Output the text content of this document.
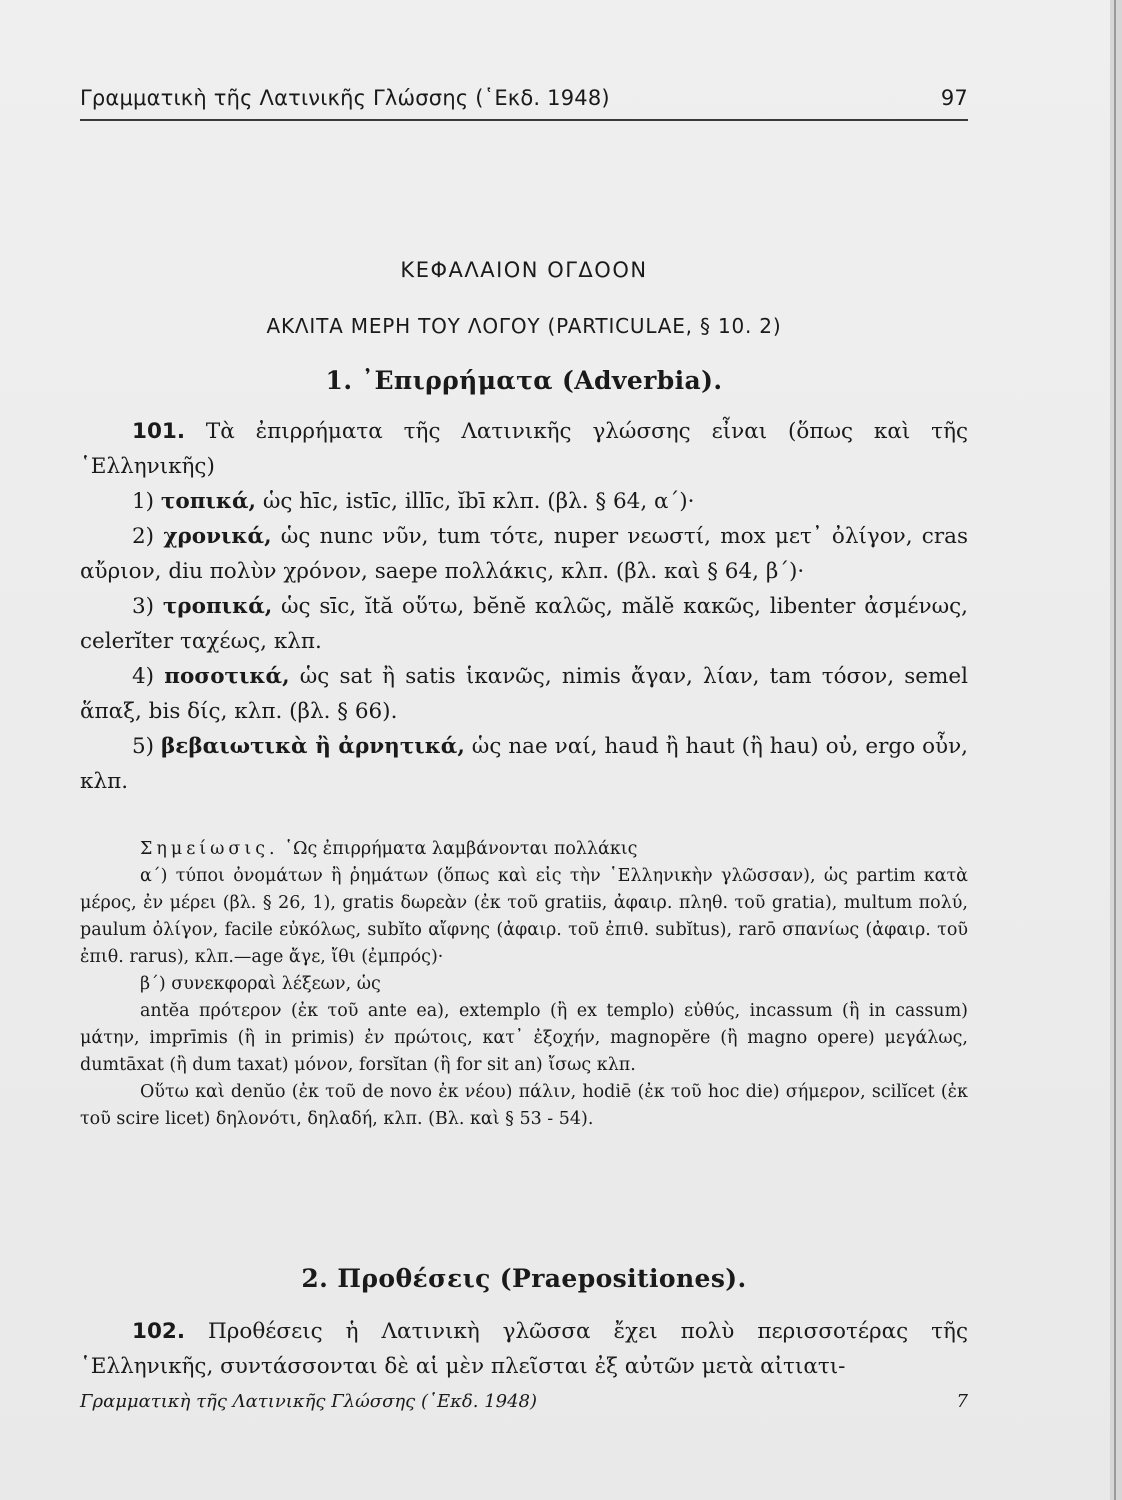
Γραμματικὴ τῆς Λατινικῆς Γλώσσης (῾Εκδ. 1948)	97
ΚΕΦΑΛΑΙΟΝ ΟΓΔΟΟΝ
ΑΚΛΙΤΑ ΜΕΡΗ ΤΟΥ ΛΟΓΟΥ (PARTICULAE, § 10. 2)
1. ᾿Επιρρήματα (Adverbia).

101. Τὰ ἐπιρρήματα τῆς Λατινικῆς γλώσσης εἶναι (ὅπως καὶ τῆς ῾Ελληνικῆς)

1) τοπικά, ὡς hīc, istīc, illīc, ĭbī κλπ. (βλ. § 64, α΄)·

2) χρονικά, ὡς nunc νῦν, tum τότε, nuper νεωστί, mox μετ᾽ ὀλίγον, cras αὔριον, diu πολὺν χρόνον, saepe πολλάκις, κλπ. (βλ. καὶ § 64, β΄)·

3) τροπικά, ὡς sīc, ĭtă οὕτω, bĕnĕ καλῶς, mălĕ κακῶς, libenter ἀσμένως, celerĭter ταχέως, κλπ.

4) ποσοτικά, ὡς sat ἢ satis ἱκανῶς, nimis ἄγαν, λίαν, tam τόσον, semel ἅπαξ, bis δίς, κλπ. (βλ. § 66).

5) βεβαιωτικὰ ἢ ἀρνητικά, ὡς nae ναί, haud ἢ haut (ἢ hau) οὐ, ergo οὖν, κλπ.

Σημείωσις. ῾Ως ἐπιρρήματα λαμβάνονται πολλάκις

α΄) τύποι ὀνομάτων ἢ ῥημάτων (ὅπως καὶ εἰς τὴν ῾Ελληνικὴν γλῶσσαν), ὡς partim κατὰ μέρος, ἐν μέρει (βλ. § 26, 1), gratis δωρεὰν (ἐκ τοῦ gratiis, ἀφαιρ. πληθ. τοῦ gratia), multum πολύ, paulum ὀλίγον, facile εὐκόλως, subĭto αἴφνης (ἀφαιρ. τοῦ ἐπιθ. subĭtus), rarō σπανίως (ἀφαιρ. τοῦ ἐπιθ. rarus), κλπ.—age ἄγε, ἴθι (ἐμπρός)·

β΄) συνεκφοραὶ λέξεων, ὡς

antĕa πρότερον (ἐκ τοῦ ante ea), extemplo (ἢ ex templo) εὐθύς, incassum (ἢ in cassum) μάτην, imprīmis (ἢ in primis) ἐν πρώτοις, κατ᾽ ἐξοχήν, magnopĕre (ἢ magno opere) μεγάλως, dumtāxat (ἢ dum taxat) μόνον, forsĭtan (ἢ for sit an) ἴσως κλπ.

Οὕτω καὶ denŭo (ἐκ τοῦ de novo ἐκ νέου) πάλιν, hodiē (ἐκ τοῦ hoc die) σήμερον, scilĭcet (ἐκ τοῦ scire licet) δηλονότι, δηλαδή, κλπ. (Βλ. καὶ § 53 - 54).

2. Προθέσεις (Praepositiones).

102. Προθέσεις ἡ Λατινικὴ γλῶσσα ἔχει πολὺ περισσοτέρας τῆς ῾Ελληνικῆς, συντάσσονται δὲ αἱ μὲν πλεῖσται ἐξ αὐτῶν μετὰ αἰτιατι-

Γραμματικὴ τῆς Λατινικῆς Γλώσσης (῾Εκδ. 1948)	7
